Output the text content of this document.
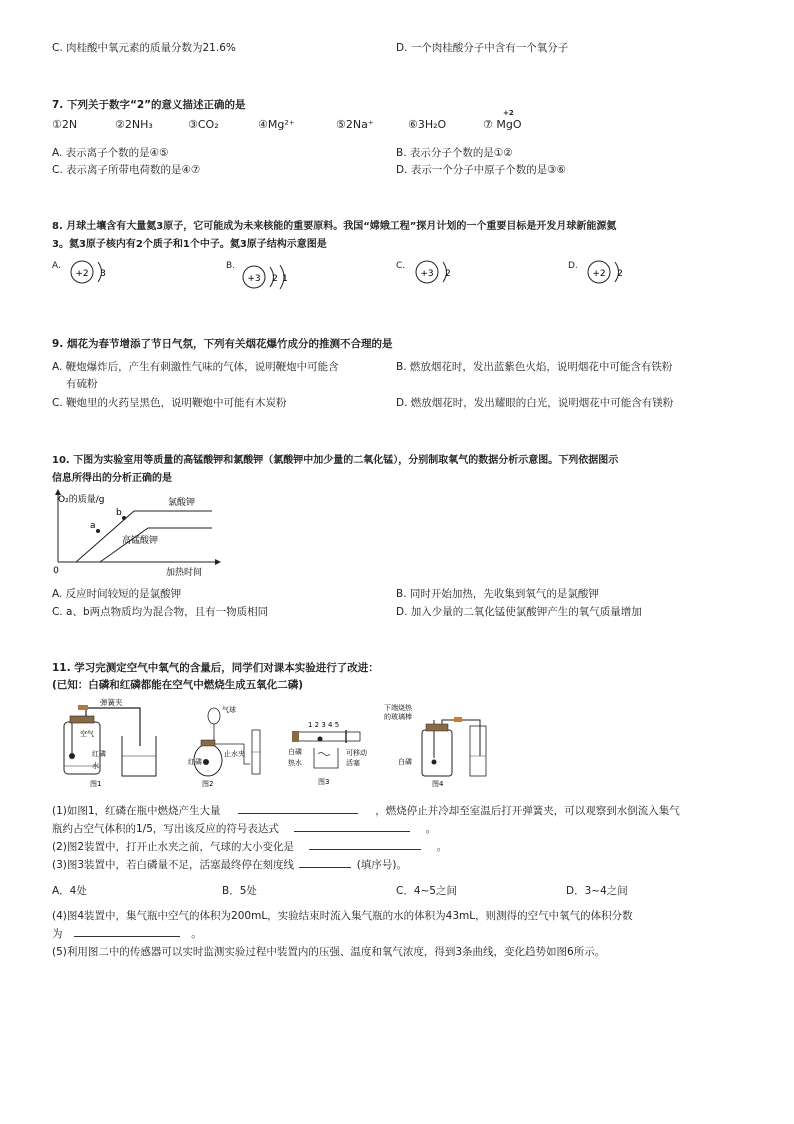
C. 肉桂酸中氧元素的质量分数为21.6%	D. 一个肉桂酸分子中含有一个氧分子
7. 下列关于数字“2”的意义描述正确的是
①2N	②2NH₃	③CO₂	④Mg²⁺	⑤2Na⁺	⑥3H₂O	⑦ MgO
+2
A. 表示离子个数的是④⑤	B. 表示分子个数的是①②
C. 表示离子所带电荷数的是④⑦	D. 表示一个分子中原子个数的是③⑥
8. 月球土壤含有大量氦3原子，它可能成为未来核能的重要原料。我国“嫦娥工程”探月计划的一个重要目标是开发月球新能源氦
3。氦3原子核内有2个质子和1个中子。氦3原子结构示意图是
A.
+2 3
B.
+3 2 1
C.
+3 2
D.
+2 2
9. 烟花为春节增添了节日气氛，下列有关烟花爆竹成分的推测不合理的是
A. 鞭炮爆炸后，产生有刺激性气味的气体，说明鞭炮中可能含
有硫粉
B. 燃放烟花时，发出蓝紫色火焰，说明烟花中可能含有铁粉
C. 鞭炮里的火药呈黑色，说明鞭炮中可能有木炭粉	D. 燃放烟花时，发出耀眼的白光，说明烟花中可能含有镁粉
10. 下图为实验室用等质量的高锰酸钾和氯酸钾（氯酸钾中加少量的二氧化锰），分别制取氧气的数据分析示意图。下列依据图示
信息所得出的分析正确的是
O₂的质量/g
0	加热时间
氯酸钾
高锰酸钾
a
b
A. 反应时间较短的是氯酸钾	B. 同时开始加热，先收集到氧气的是氯酸钾
C. a、b两点物质均为混合物，且有一物质相同	D. 加入少量的二氧化锰使氯酸钾产生的氧气质量增加
11. 学习完测定空气中氧气的含量后，同学们对课本实验进行了改进：
(已知：白磷和红磷都能在空气中燃烧生成五氧化二磷)
弹簧夹
空气
红磷
水
图1
气球
红磷
止水夹
图2
1 2 3 4 5
白磷
热水
可移动
活塞
图3
下端烧热
的玻璃棒
白磷
图4
(1)如图1，红磷在瓶中燃烧产生大量	，燃烧停止并冷却至室温后打开弹簧夹，可以观察到水倒流入集气
瓶约占空气体积的1/5，写出该反应的符号表达式	。
(2)图2装置中，打开止水夹之前，气球的大小变化是	。
(3)图3装置中，若白磷量不足，活塞最终停在刻度线	(填序号)。
A．4处	B．5处	C．4~5之间	D．3~4之间
(4)图4装置中，集气瓶中空气的体积为200mL，实验结束时流入集气瓶的水的体积为43mL，则测得的空气中氧气的体积分数
为	。
(5)利用图二中的传感器可以实时监测实验过程中装置内的压强、温度和氧气浓度，得到3条曲线，变化趋势如图6所示。
